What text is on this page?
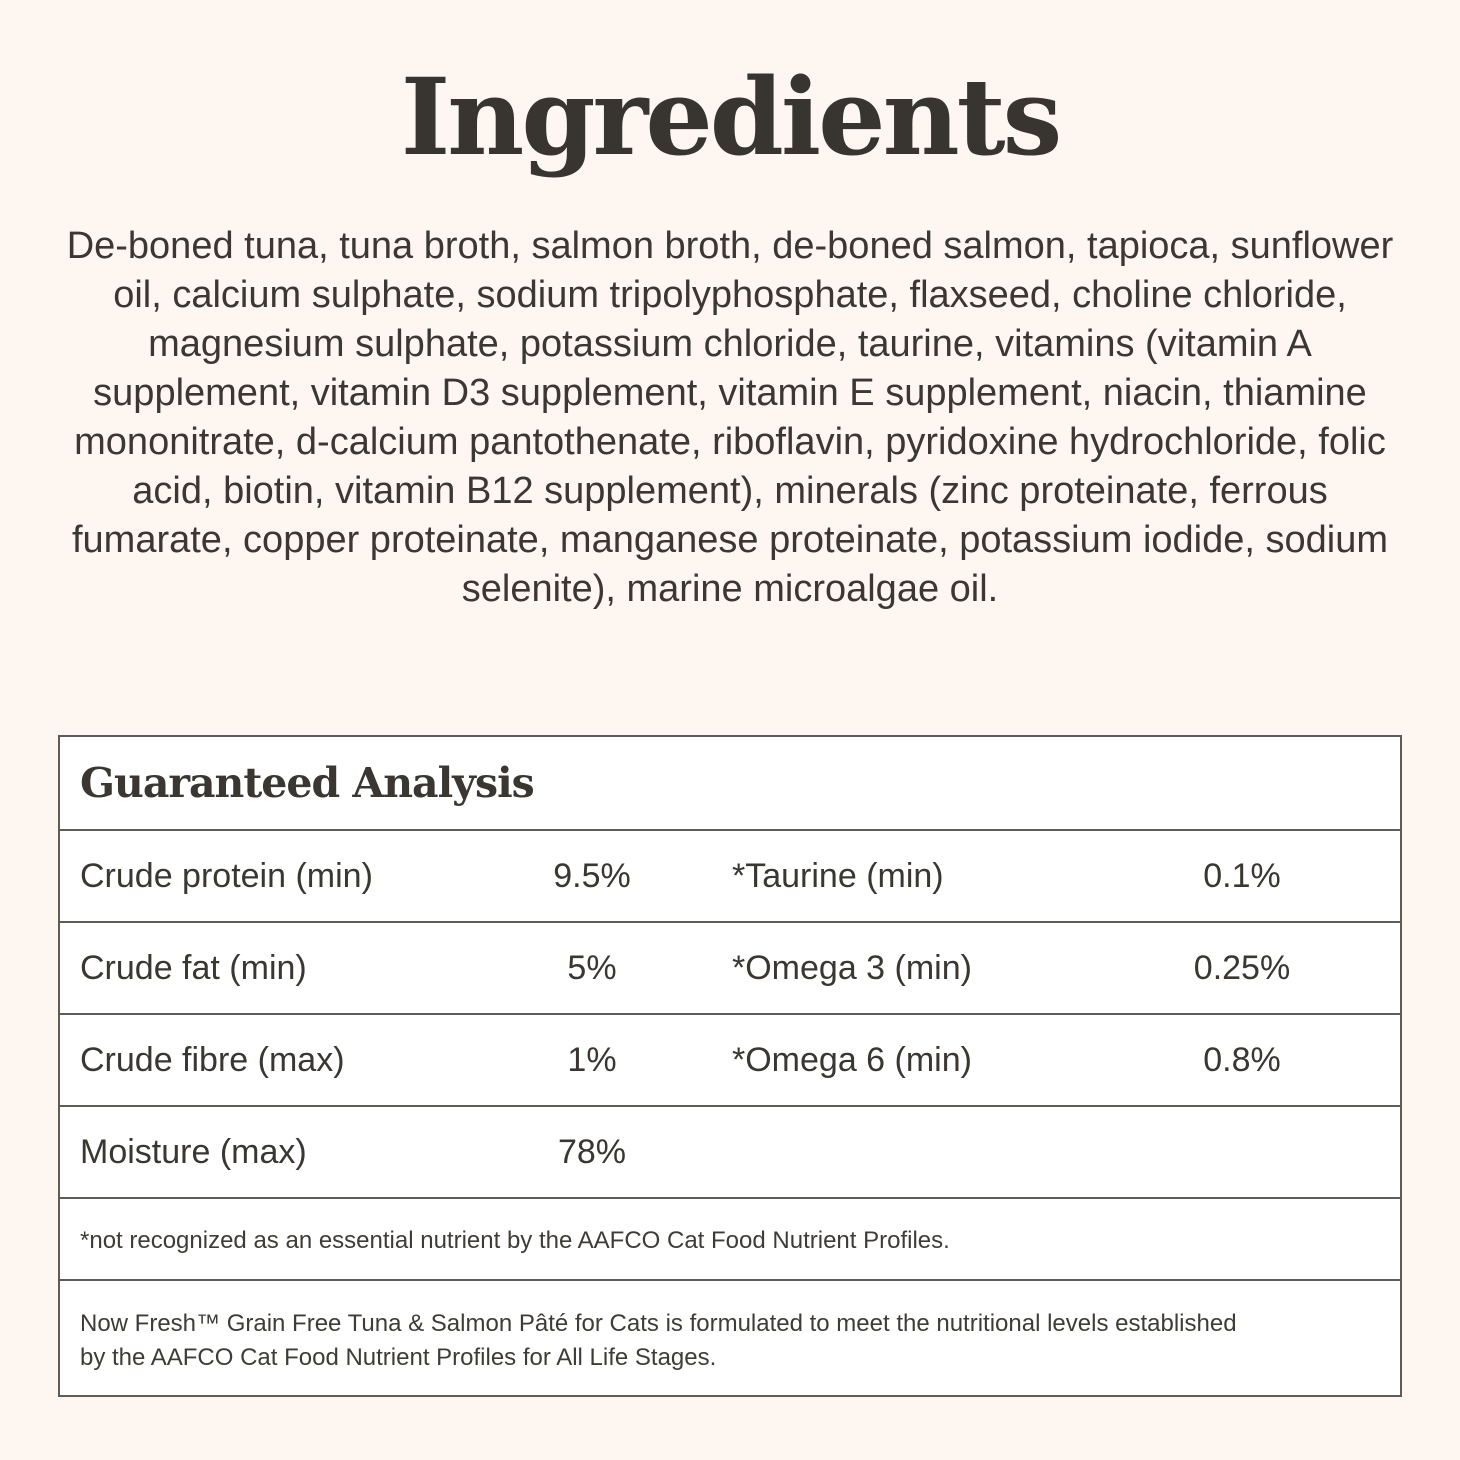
Ingredients

De-boned tuna, tuna broth, salmon broth, de-boned salmon, tapioca, sunflower oil, calcium sulphate, sodium tripolyphosphate, flaxseed, choline chloride, magnesium sulphate, potassium chloride, taurine, vitamins (vitamin A supplement, vitamin D3 supplement, vitamin E supplement, niacin, thiamine mononitrate, d-calcium pantothenate, riboflavin, pyridoxine hydrochloride, folic acid, biotin, vitamin B12 supplement), minerals (zinc proteinate, ferrous fumarate, copper proteinate, manganese proteinate, potassium iodide, sodium selenite), marine microalgae oil.

Guaranteed Analysis
Crude protein (min)	9.5%	*Taurine (min)	0.1%
Crude fat (min)	5%	*Omega 3 (min)	0.25%
Crude fibre (max)	1%	*Omega 6 (min)	0.8%
Moisture (max)	78%
*not recognized as an essential nutrient by the AAFCO Cat Food Nutrient Profiles.
Now Fresh™ Grain Free Tuna & Salmon Pâté for Cats is formulated to meet the nutritional levels established
by the AAFCO Cat Food Nutrient Profiles for All Life Stages.
